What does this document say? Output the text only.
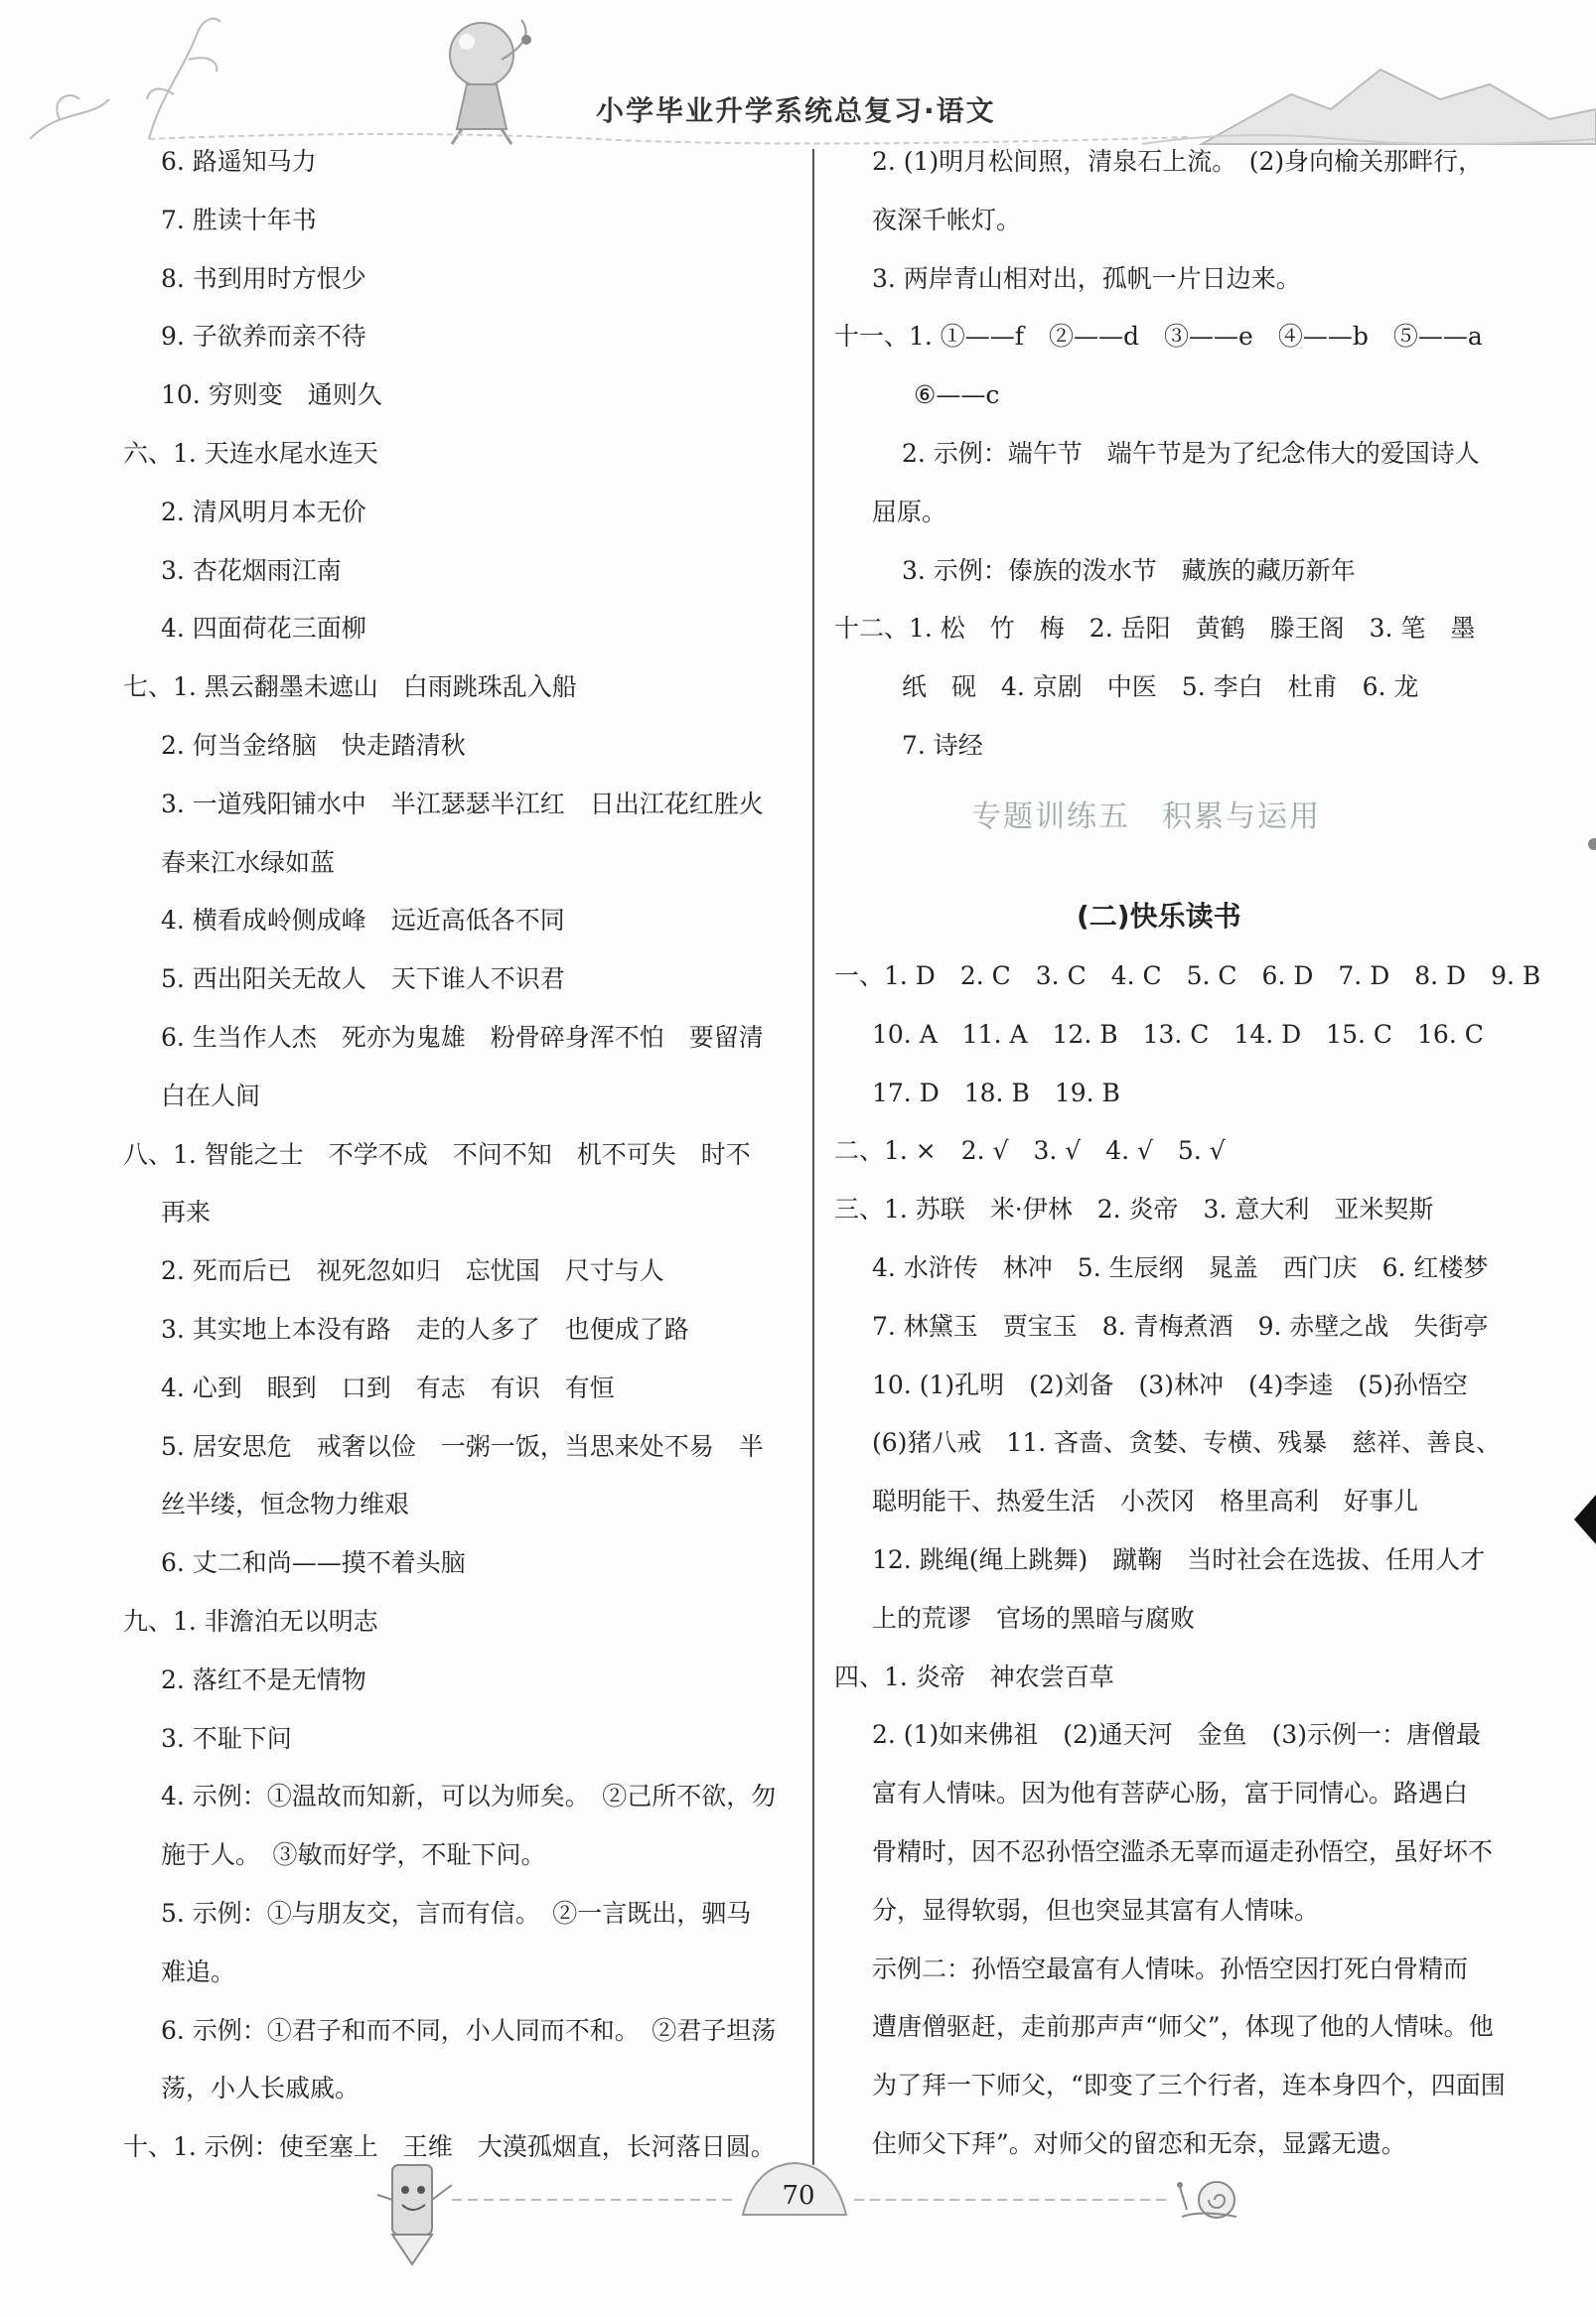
小学毕业升学系统总复习·语文
6. 路遥知马力
7. 胜读十年书
8. 书到用时方恨少
9. 子欲养而亲不待
10. 穷则变　通则久
六、1. 天连水尾水连天
2. 清风明月本无价
3. 杏花烟雨江南
4. 四面荷花三面柳
七、1. 黑云翻墨未遮山　白雨跳珠乱入船
2. 何当金络脑　快走踏清秋
3. 一道残阳铺水中　半江瑟瑟半江红　日出江花红胜火
春来江水绿如蓝
4. 横看成岭侧成峰　远近高低各不同
5. 西出阳关无故人　天下谁人不识君
6. 生当作人杰　死亦为鬼雄　粉骨碎身浑不怕　要留清
白在人间
八、1. 智能之士　不学不成　不问不知　机不可失　时不
再来
2. 死而后已　视死忽如归　忘忧国　尺寸与人
3. 其实地上本没有路　走的人多了　也便成了路
4. 心到　眼到　口到　有志　有识　有恒
5. 居安思危　戒奢以俭　一粥一饭，当思来处不易　半
丝半缕，恒念物力维艰
6. 丈二和尚——摸不着头脑
九、1. 非澹泊无以明志
2. 落红不是无情物
3. 不耻下问
4. 示例：①温故而知新，可以为师矣。　②己所不欲，勿
施于人。　③敏而好学，不耻下问。
5. 示例：①与朋友交，言而有信。　②一言既出，驷马
难追。
6. 示例：①君子和而不同，小人同而不和。　②君子坦荡
荡，小人长戚戚。
十、1. 示例：使至塞上　王维　大漠孤烟直，长河落日圆。
2. (1)明月松间照，清泉石上流。　(2)身向榆关那畔行，
夜深千帐灯。
3. 两岸青山相对出，孤帆一片日边来。
十一、1. ①——f　②——d　③——e　④——b　⑤——a
⑥——c
2. 示例：端午节　端午节是为了纪念伟大的爱国诗人
屈原。
3. 示例：傣族的泼水节　藏族的藏历新年
十二、1. 松　竹　梅　2. 岳阳　黄鹤　滕王阁　3. 笔　墨
纸　砚　4. 京剧　中医　5. 李白　杜甫　6. 龙
7. 诗经
专题训练五　积累与运用
(二)快乐读书
一、1. D　2. C　3. C　4. C　5. C　6. D　7. D　8. D　9. B
10. A　11. A　12. B　13. C　14. D　15. C　16. C
17. D　18. B　19. B
二、1. ×　2. √　3. √　4. √　5. √
三、1. 苏联　米·伊林　2. 炎帝　3. 意大利　亚米契斯
4. 水浒传　林冲　5. 生辰纲　晁盖　西门庆　6. 红楼梦
7. 林黛玉　贾宝玉　8. 青梅煮酒　9. 赤壁之战　失街亭
10. (1)孔明　(2)刘备　(3)林冲　(4)李逵　(5)孙悟空
(6)猪八戒　11. 吝啬、贪婪、专横、残暴　慈祥、善良、
聪明能干、热爱生活　小茨冈　格里高利　好事儿
12. 跳绳(绳上跳舞)　蹴鞠　当时社会在选拔、任用人才
上的荒谬　官场的黑暗与腐败
四、1. 炎帝　神农尝百草
2. (1)如来佛祖　(2)通天河　金鱼　(3)示例一：唐僧最
富有人情味。因为他有菩萨心肠，富于同情心。路遇白
骨精时，因不忍孙悟空滥杀无辜而逼走孙悟空，虽好坏不
分，显得软弱，但也突显其富有人情味。
示例二：孙悟空最富有人情味。孙悟空因打死白骨精而
遭唐僧驱赶，走前那声声“师父”，体现了他的人情味。他
为了拜一下师父，“即变了三个行者，连本身四个，四面围
住师父下拜”。对师父的留恋和无奈，显露无遗。
70
